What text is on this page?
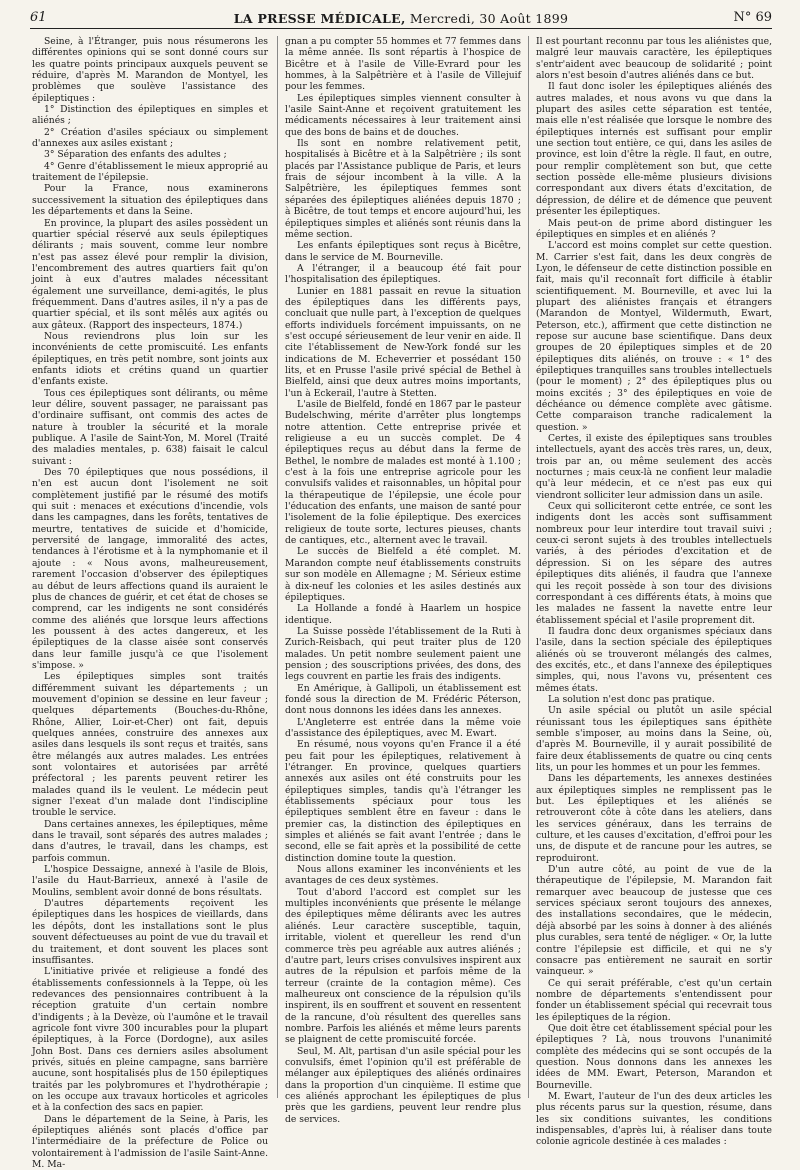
61	LA PRESSE MÉDICALE, Mercredi, 30 Août 1899	N° 69

Seine, à l'Étranger, puis nous résumerons les différentes opinions qui se sont donné cours sur les quatre points principaux auxquels peuvent se réduire, d'après M. Marandon de Montyel, les problèmes que soulève l'assistance des épileptiques :

1° Distinction des épileptiques en simples et aliénés ;

2° Création d'asiles spéciaux ou simplement d'annexes aux asiles existant ;

3° Séparation des enfants des adultes ;

4° Genre d'établissement le mieux approprié au traitement de l'épilepsie.

Pour la France, nous examinerons successivement la situation des épileptiques dans les départements et dans la Seine.

En province, la plupart des asiles possèdent un quartier spécial réservé aux seuls épileptiques délirants ; mais souvent, comme leur nombre n'est pas assez élevé pour remplir la division, l'encombrement des autres quartiers fait qu'on joint à eux d'autres malades nécessitant également une surveillance, demi-agités, le plus fréquemment. Dans d'autres asiles, il n'y a pas de quartier spécial, et ils sont mêlés aux agités ou aux gâteux. (Rapport des inspecteurs, 1874.)

Nous reviendrons plus loin sur les inconvénients de cette promiscuité. Les enfants épileptiques, en très petit nombre, sont joints aux enfants idiots et crétins quand un quartier d'enfants existe.

Tous ces épileptiques sont délirants, ou même leur délire, souvent passager, ne paraissant pas d'ordinaire suffisant, ont commis des actes de nature à troubler la sécurité et la morale publique. A l'asile de Saint-Yon, M. Morel (Traité des maladies mentales, p. 638) faisait le calcul suivant :

Des 70 épileptiques que nous possédions, il n'en est aucun dont l'isolement ne soit complètement justifié par le résumé des motifs qui suit : menaces et exécutions d'incendie, vols dans les campagnes, dans les forêts, tentatives de meurtre, tentatives de suicide et d'homicide, perversité de langage, immoralité des actes, tendances à l'érotisme et à la nymphomanie et il ajoute : « Nous avons, malheureusement, rarement l'occasion d'observer des épileptiques au début de leurs affections quand ils auraient le plus de chances de guérir, et cet état de choses se comprend, car les indigents ne sont considérés comme des aliénés que lorsque leurs affections les poussent à des actes dangereux, et les épileptiques de la classe aisée sont conservés dans leur famille jusqu'à ce que l'isolement s'impose. »

Les épileptiques simples sont traités différemment suivant les départements ; un mouvement d'opinion se dessine en leur faveur ; quelques départements (Bouches-du-Rhône, Rhône, Allier, Loir-et-Cher) ont fait, depuis quelques années, construire des annexes aux asiles dans lesquels ils sont reçus et traités, sans être mélangés aux autres malades. Les entrées sont volontaires et autorisées par arrêté préfectoral ; les parents peuvent retirer les malades quand ils le veulent. Le médecin peut signer l'exeat d'un malade dont l'indiscipline trouble le service.

Dans certaines annexes, les épileptiques, même dans le travail, sont séparés des autres malades ; dans d'autres, le travail, dans les champs, est parfois commun.

L'hospice Dessaigne, annexé à l'asile de Blois, l'asile du Haut-Barrieux, annexé à l'asile de Moulins, semblent avoir donné de bons résultats.

D'autres départements reçoivent les épileptiques dans les hospices de vieillards, dans les dépôts, dont les installations sont le plus souvent défectueuses au point de vue du travail et du traitement, et dont souvent les places sont insuffisantes.

L'initiative privée et religieuse a fondé des établissements confessionnels à la Teppe, où les redevances des pensionnaires contribuent à la réception gratuite d'un certain nombre d'indigents ; à la Devèze, où l'aumône et le travail agricole font vivre 300 incurables pour la plupart épileptiques, à la Force (Dordogne), aux asiles John Bost. Dans ces derniers asiles absolument privés, situés en pleine campagne, sans barrière aucune, sont hospitalisés plus de 150 épileptiques traités par les polybromures et l'hydrothérapie ; on les occupe aux travaux horticoles et agricoles et à la confection des sacs en papier.

Dans le département de la Seine, à Paris, les épileptiques aliénés sont placés d'office par l'intermédiaire de la préfecture de Police ou volontairement à l'admission de l'asile Saint-Anne. M. Ma-

gnan a pu compter 55 hommes et 77 femmes dans la même année. Ils sont répartis à l'hospice de Bicêtre et à l'asile de Ville-Evrard pour les hommes, à la Salpêtrière et à l'asile de Villejuif pour les femmes.

Les épileptiques simples viennent consulter à l'asile Saint-Anne et reçoivent gratuitement les médicaments nécessaires à leur traitement ainsi que des bons de bains et de douches.

Ils sont en nombre relativement petit, hospitalisés à Bicêtre et à la Salpêtrière ; ils sont placés par l'Assistance publique de Paris, et leurs frais de séjour incombent à la ville. A la Salpêtrière, les épileptiques femmes sont séparées des épileptiques aliénées depuis 1870 ; à Bicêtre, de tout temps et encore aujourd'hui, les épileptiques simples et aliénés sont réunis dans la même section.

Les enfants épileptiques sont reçus à Bicêtre, dans le service de M. Bourneville.

A l'étranger, il a beaucoup été fait pour l'hospitalisation des épileptiques.

Lunier en 1881 passait en revue la situation des épileptiques dans les différents pays, concluait que nulle part, à l'exception de quelques efforts individuels forcément impuissants, on ne s'est occupé sérieusement de leur venir en aide. Il cite l'établissement de New-York fondé sur les indications de M. Echeverrier et possédant 150 lits, et en Prusse l'asile privé spécial de Bethel à Bielfeld, ainsi que deux autres moins importants, l'un à Eckerail, l'autre à Stetten.

L'asile de Bielfeld, fondé en 1867 par le pasteur Budelschwing, mérite d'arrêter plus longtemps notre attention. Cette entreprise privée et religieuse a eu un succès complet. De 4 épileptiques reçus au début dans la ferme de Bethel, le nombre de malades est monté à 1.100 ; c'est à la fois une entreprise agricole pour les convulsifs valides et raisonnables, un hôpital pour la thérapeutique de l'épilepsie, une école pour l'éducation des enfants, une maison de santé pour l'isolement de la folie épileptique. Des exercices religieux de toute sorte, lectures pieuses, chants de cantiques, etc., alternent avec le travail.

Le succès de Bielfeld a été complet. M. Marandon compte neuf établissements construits sur son modèle en Allemagne ; M. Sérieux estime à dix-neuf les colonies et les asiles destinés aux épileptiques.

La Hollande a fondé à Haarlem un hospice identique.

La Suisse possède l'établissement de la Ruti à Zurich-Reisbach, qui peut traiter plus de 120 malades. Un petit nombre seulement paient une pension ; des souscriptions privées, des dons, des legs couvrent en partie les frais des indigents.

En Amérique, à Gallipoli, un établissement est fondé sous la direction de M. Frédéric Péterson, dont nous donnons les idées dans les annexes.

L'Angleterre est entrée dans la même voie d'assistance des épileptiques, avec M. Ewart.

En résumé, nous voyons qu'en France il a été peu fait pour les épileptiques, relativement à l'étranger. En province, quelques quartiers annexés aux asiles ont été construits pour les épileptiques simples, tandis qu'à l'étranger les établissements spéciaux pour tous les épileptiques semblent être en faveur : dans le premier cas, la distinction des épileptiques en simples et aliénés se fait avant l'entrée ; dans le second, elle se fait après et la possibilité de cette distinction domine toute la question.

Nous allons examiner les inconvénients et les avantages de ces deux systèmes.

Tout d'abord l'accord est complet sur les multiples inconvénients que présente le mélange des épileptiques même délirants avec les autres aliénés. Leur caractère susceptible, taquin, irritable, violent et querelleur les rend d'un commerce très peu agréable aux autres aliénés ; d'autre part, leurs crises convulsives inspirent aux autres de la répulsion et parfois même de la terreur (crainte de la contagion même). Ces malheureux ont conscience de la répulsion qu'ils inspirent, ils en souffrent et souvent en ressentent de la rancune, d'où résultent des querelles sans nombre. Parfois les aliénés et même leurs parents se plaignent de cette promiscuité forcée.

Seul, M. Alt, partisan d'un asile spécial pour les convulsifs, émet l'opinion qu'il est préférable de mélanger aux épileptiques des aliénés ordinaires dans la proportion d'un cinquième. Il estime que ces aliénés approchant les épileptiques de plus près que les gardiens, peuvent leur rendre plus de services.

Il est pourtant reconnu par tous les aliénistes que, malgré leur mauvais caractère, les épileptiques s'entr'aident avec beaucoup de solidarité ; point alors n'est besoin d'autres aliénés dans ce but.

Il faut donc isoler les épileptiques aliénés des autres malades, et nous avons vu que dans la plupart des asiles cette séparation est tentée, mais elle n'est réalisée que lorsque le nombre des épileptiques internés est suffisant pour emplir une section tout entière, ce qui, dans les asiles de province, est loin d'être la règle. Il faut, en outre, pour remplir complètement son but, que cette section possède elle-même plusieurs divisions correspondant aux divers états d'excitation, de dépression, de délire et de démence que peuvent présenter les épileptiques.

Mais peut-on de prime abord distinguer les épileptiques en simples et en aliénés ?

L'accord est moins complet sur cette question. M. Carrier s'est fait, dans les deux congrès de Lyon, le défenseur de cette distinction possible en fait, mais qu'il reconnaît fort difficile à établir scientifiquement. M. Bourneville, et avec lui la plupart des aliénistes français et étrangers (Marandon de Montyel, Wildermuth, Ewart, Peterson, etc.), affirment que cette distinction ne repose sur aucune base scientifique. Dans deux groupes de 20 épileptiques simples et de 20 épileptiques dits aliénés, on trouve : « 1° des épileptiques tranquilles sans troubles intellectuels (pour le moment) ; 2° des épileptiques plus ou moins excités ; 3° des épileptiques en voie de déchéance ou démence complète avec gâtisme. Cette comparaison tranche radicalement la question. »

Certes, il existe des épileptiques sans troubles intellectuels, ayant des accès très rares, un, deux, trois par an, ou même seulement des accès nocturnes ; mais ceux-là ne confient leur maladie qu'à leur médecin, et ce n'est pas eux qui viendront solliciter leur admission dans un asile.

Ceux qui solliciteront cette entrée, ce sont les indigents dont les accès sont suffisamment nombreux pour leur interdire tout travail suivi ; ceux-ci seront sujets à des troubles intellectuels variés, à des périodes d'excitation et de dépression. Si on les sépare des autres épileptiques dits aliénés, il faudra que l'annexe qui les reçoit possède à son tour des divisions correspondant à ces différents états, à moins que les malades ne fassent la navette entre leur établissement spécial et l'asile proprement dit.

Il faudra donc deux organismes spéciaux dans l'asile, dans la section spéciale des épileptiques aliénés où se trouveront mélangés des calmes, des excités, etc., et dans l'annexe des épileptiques simples, qui, nous l'avons vu, présentent ces mêmes états.

La solution n'est donc pas pratique.

Un asile spécial ou plutôt un asile spécial réunissant tous les épileptiques sans épithète semble s'imposer, au moins dans la Seine, où, d'après M. Bourneville, il y aurait possibilité de faire deux établissements de quatre ou cinq cents lits, un pour les hommes et un pour les femmes.

Dans les départements, les annexes destinées aux épileptiques simples ne remplissent pas le but. Les épileptiques et les aliénés se retrouveront côte à côte dans les ateliers, dans les services généraux, dans les terrains de culture, et les causes d'excitation, d'effroi pour les uns, de dispute et de rancune pour les autres, se reproduiront.

D'un autre côté, au point de vue de la thérapeutique de l'épilepsie, M. Marandon fait remarquer avec beaucoup de justesse que ces services spéciaux seront toujours des annexes, des installations secondaires, que le médecin, déjà absorbé par les soins à donner à des aliénés plus curables, sera tenté de négliger. « Or, la lutte contre l'épilepsie est difficile, et qui ne s'y consacre pas entièrement ne saurait en sortir vainqueur. »

Ce qui serait préférable, c'est qu'un certain nombre de départements s'entendissent pour fonder un établissement spécial qui recevrait tous les épileptiques de la région.

Que doit être cet établissement spécial pour les épileptiques ? Là, nous trouvons l'unanimité complète des médecins qui se sont occupés de la question. Nous donnons dans les annexes les idées de MM. Ewart, Peterson, Marandon et Bourneville.

M. Ewart, l'auteur de l'un des deux articles les plus récents parus sur la question, résume, dans les six conditions suivantes, les conditions indispensables, d'après lui, à réaliser dans toute colonie agricole destinée à ces malades :
